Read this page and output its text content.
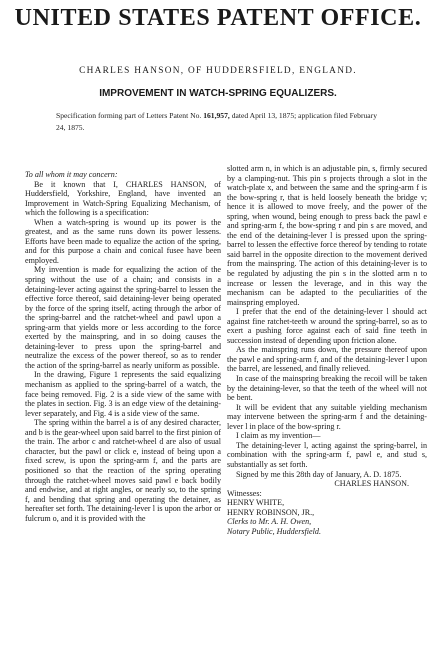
UNITED STATES PATENT OFFICE.
CHARLES HANSON, OF HUDDERSFIELD, ENGLAND.
IMPROVEMENT IN WATCH-SPRING EQUALIZERS.
Specification forming part of Letters Patent No. 161,957, dated April 13, 1875; application filed February 24, 1875.

To all whom it may concern:

Be it known that I, CHARLES HANSON, of Huddersfield, Yorkshire, England, have invented an Improvement in Watch-Spring Equalizing Mechanism, of which the following is a specification:

When a watch-spring is wound up its power is the greatest, and as the same runs down its power lessens. Efforts have been made to equalize the action of the spring, and for this purpose a chain and conical fusee have been employed.

My invention is made for equalizing the action of the spring without the use of a chain; and consists in a detaining-lever acting against the spring-barrel to lessen the effective force thereof, said detaining-lever being operated by the force of the spring itself, acting through the arbor of the spring-barrel and the ratchet-wheel and pawl upon a spring-arm that yields more or less according to the force exerted by the mainspring, and in so doing causes the detaining-lever to press upon the spring-barrel and neutralize the excess of the power thereof, so as to render the action of the spring-barrel as nearly uniform as possible.

In the drawing, Figure 1 represents the said equalizing mechanism as applied to the spring-barrel of a watch, the face being removed. Fig. 2 is a side view of the same with the plates in section. Fig. 3 is an edge view of the detaining-lever separately, and Fig. 4 is a side view of the same.

The spring within the barrel a is of any desired character, and b is the gear-wheel upon said barrel to the first pinion of the train. The arbor c and ratchet-wheel d are also of usual character, but the pawl or click e, instead of being upon a fixed screw, is upon the spring-arm f, and the parts are positioned so that the reaction of the spring operating through the ratchet-wheel moves said pawl e back bodily and endwise, and at right angles, or nearly so, to the spring f, and bending that spring and operating the detainer, as hereafter set forth. The detaining-lever l is upon the arbor or fulcrum o, and it is provided with the

slotted arm n, in which is an adjustable pin, s, firmly secured by a clamping-nut. This pin s projects through a slot in the watch-plate x, and between the same and the spring-arm f is the bow-spring r, that is held loosely beneath the bridge v; hence it is allowed to move freely, and the power of the spring, when wound, being enough to press back the pawl e and spring-arm f, the bow-spring r and pin s are moved, and the end of the detaining-lever l is pressed upon the spring-barrel to lessen the effective force thereof by tending to rotate said barrel in the opposite direction to the movement derived from the mainspring. The action of this detaining-lever is to be regulated by adjusting the pin s in the slotted arm n to increase or lessen the leverage, and in this way the mechanism can be adapted to the peculiarities of the mainspring employed.

I prefer that the end of the detaining-lever l should act against fine ratchet-teeth w around the spring-barrel, so as to exert a pushing force against each of said fine teeth in succession instead of depending upon friction alone.

As the mainspring runs down, the pressure thereof upon the pawl e and spring-arm f, and of the detaining-lever l upon the barrel, are lessened, and finally relieved.

In case of the mainspring breaking the recoil will be taken by the detaining-lever, so that the teeth of the wheel will not be bent.

It will be evident that any suitable yielding mechanism may intervene between the spring-arm f and the detaining-lever l in place of the bow-spring r.

I claim as my invention—

The detaining-lever l, acting against the spring-barrel, in combination with the spring-arm f, pawl e, and stud s, substantially as set forth.

Signed by me this 28th day of January, A. D. 1875.

CHARLES HANSON.

Witnesses:

HENRY WHITE,

HENRY ROBINSON, JR.,

Clerks to Mr. A. H. Owen,

Notary Public, Huddersfield.
